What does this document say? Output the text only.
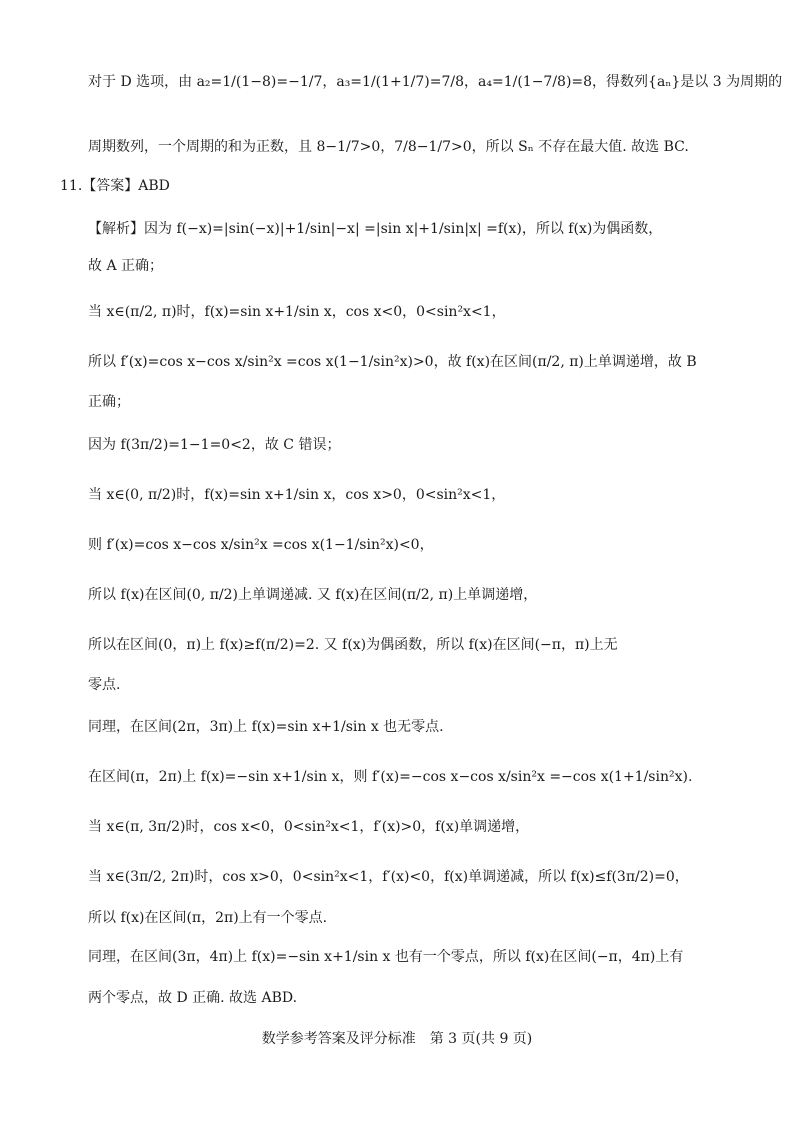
对于 D 选项，由 a₂=1/(1−8)=−1/7，a₃=1/(1+1/7)=7/8，a₄=1/(1−7/8)=8，得数列{aₙ}是以 3 为周期的
周期数列，一个周期的和为正数，且 8−1/7>0，7/8−1/7>0，所以 Sₙ 不存在最大值. 故选 BC.
11.【答案】ABD
【解析】因为 f(−x)=|sin(−x)|+1/sin|−x| =|sin x|+1/sin|x| =f(x)，所以 f(x)为偶函数，
故 A 正确；
当 x∈(π/2, π)时，f(x)=sin x+1/sin x，cos x<0，0<sin²x<1，
所以 f′(x)=cos x−cos x/sin²x =cos x(1−1/sin²x)>0，故 f(x)在区间(π/2, π)上单调递增，故 B
正确；
因为 f(3π/2)=1−1=0<2，故 C 错误；
当 x∈(0, π/2)时，f(x)=sin x+1/sin x，cos x>0，0<sin²x<1，
则 f′(x)=cos x−cos x/sin²x =cos x(1−1/sin²x)<0，
所以 f(x)在区间(0, π/2)上单调递减. 又 f(x)在区间(π/2, π)上单调递增，
所以在区间(0，π)上 f(x)≥f(π/2)=2. 又 f(x)为偶函数，所以 f(x)在区间(−π，π)上无
零点.
同理，在区间(2π，3π)上 f(x)=sin x+1/sin x 也无零点.
在区间(π，2π)上 f(x)=−sin x+1/sin x，则 f′(x)=−cos x−cos x/sin²x =−cos x(1+1/sin²x).
当 x∈(π, 3π/2)时，cos x<0，0<sin²x<1，f′(x)>0，f(x)单调递增，
当 x∈(3π/2, 2π)时，cos x>0，0<sin²x<1，f′(x)<0，f(x)单调递减，所以 f(x)≤f(3π/2)=0，
所以 f(x)在区间(π，2π)上有一个零点.
同理，在区间(3π，4π)上 f(x)=−sin x+1/sin x 也有一个零点，所以 f(x)在区间(−π，4π)上有
两个零点，故 D 正确. 故选 ABD.
数学参考答案及评分标准　第 3 页(共 9 页)
